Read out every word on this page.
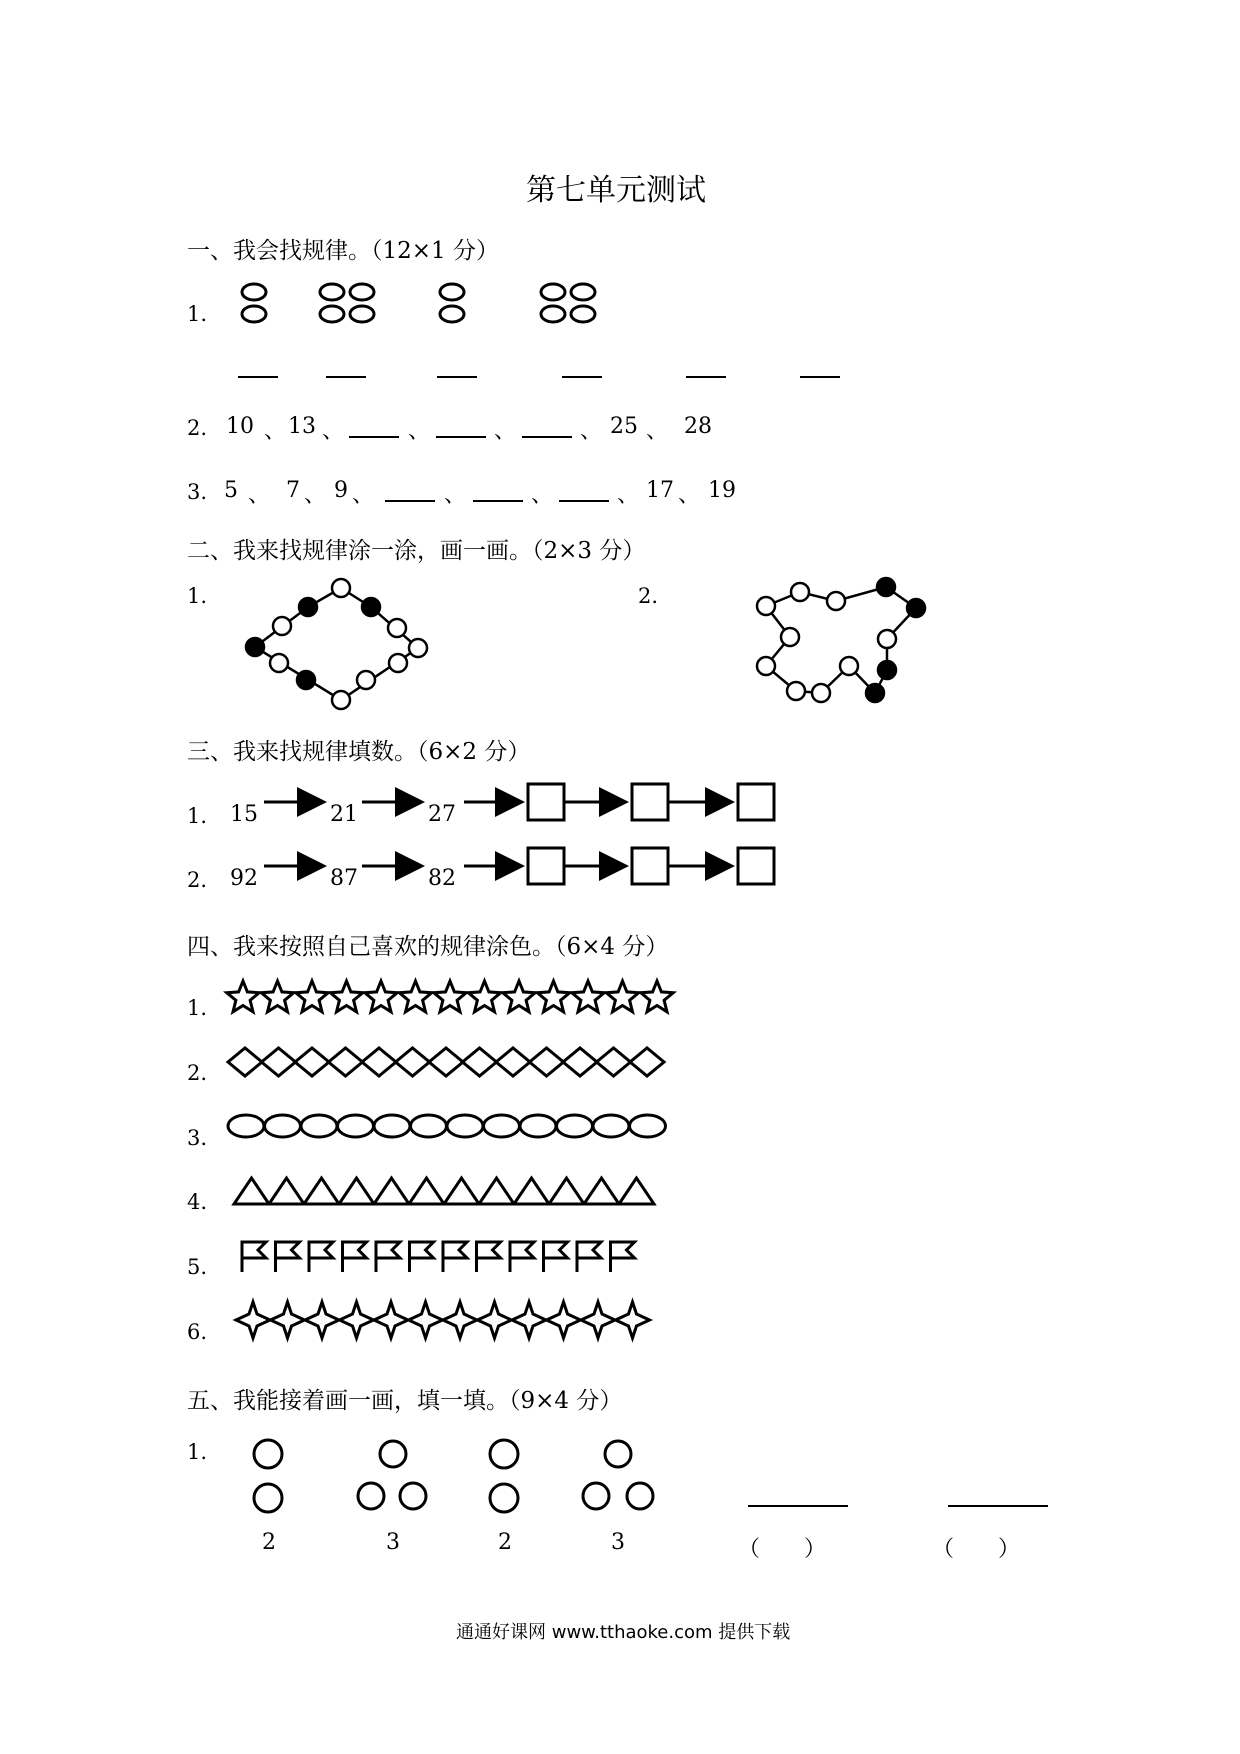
第七单元测试
一、我会找规律。（12×1 分）
1.
2. 10 、 13 、	、	、	、 25 、 28
3. 5 、 7 、 9 、	、	、	、 17 、 19
二、我来找规律涂一涂，画一画。（2×3 分）
1.	2.
三、我来找规律填数。（6×2 分）
1. 15	21	27
2. 92	87	82
四、我来按照自己喜欢的规律涂色。（6×4 分）
1.
2.
3.
4.
5.
6.
五、我能接着画一画，填一填。（9×4 分）
1.
2	3	2	3	（　　）	（　　）
通通好课网 www.tthaoke.com 提供下载
